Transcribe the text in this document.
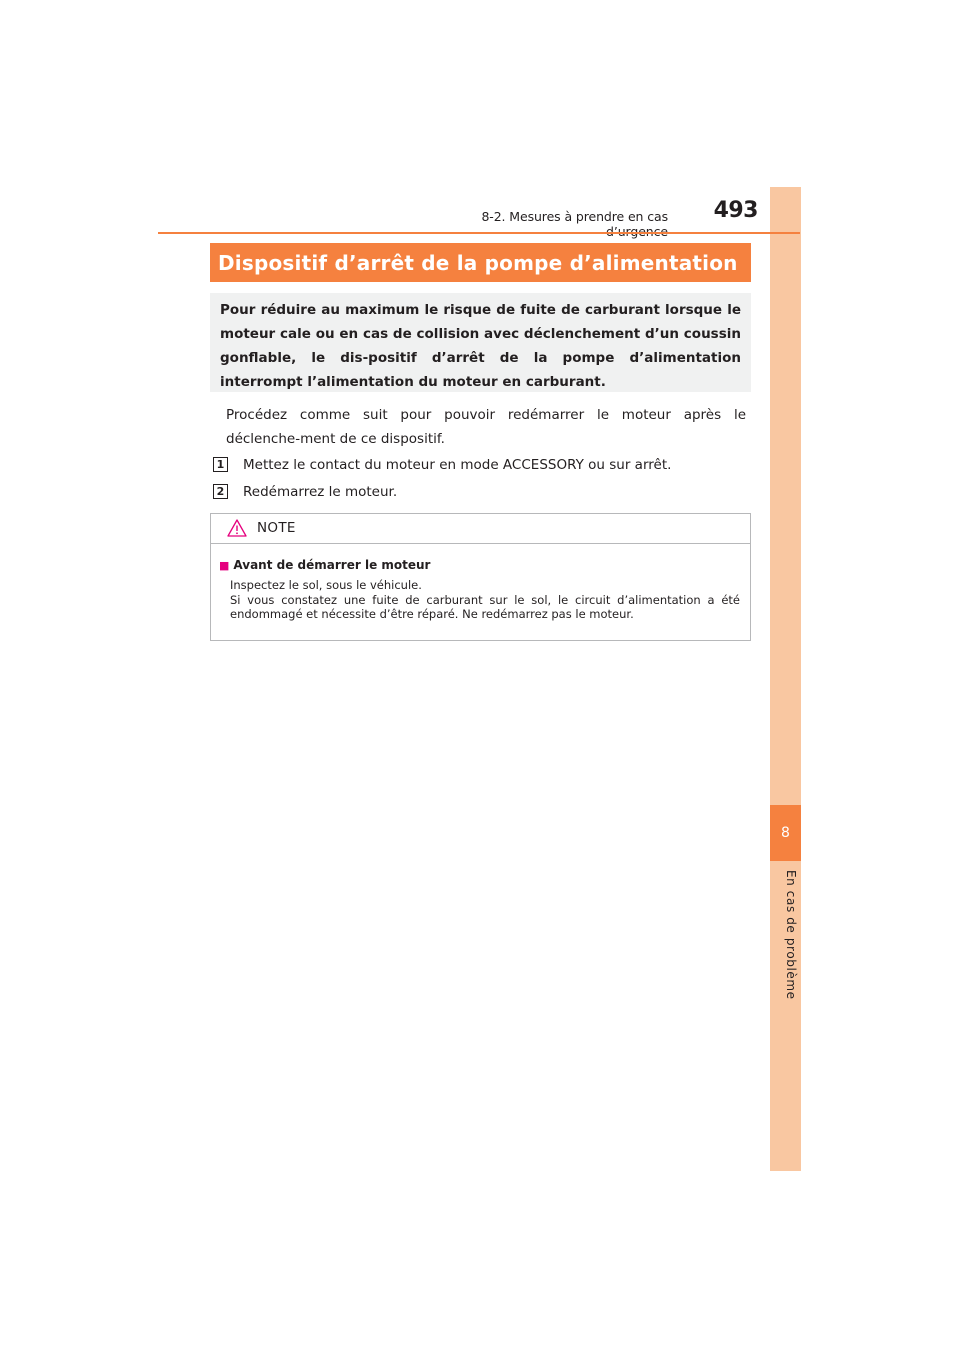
8
En cas de problème
8-2. Mesures à prendre en cas	493
Dispositif d’arrêt de la pompe d’alimentation
Pour réduire au maximum le risque de fuite de carburant lorsque le moteur cale ou en cas de collision avec déclenchement d’un coussin gonflable, le dis-positif d’arrêt de la pompe d’alimentation interrompt l’alimentation du moteur en carburant.
Procédez comme suit pour pouvoir redémarrer le moteur après le déclenche-ment de ce dispositif.
1 Mettez le contact du moteur en mode ACCESSORY ou sur arrêt.
2 Redémarrez le moteur.
NOTE
■ Avant de démarrer le moteur
Inspectez le sol, sous le véhicule.
Si vous constatez une fuite de carburant sur le sol, le circuit d’alimentation a été endommagé et nécessite d’être réparé. Ne redémarrez pas le moteur.
